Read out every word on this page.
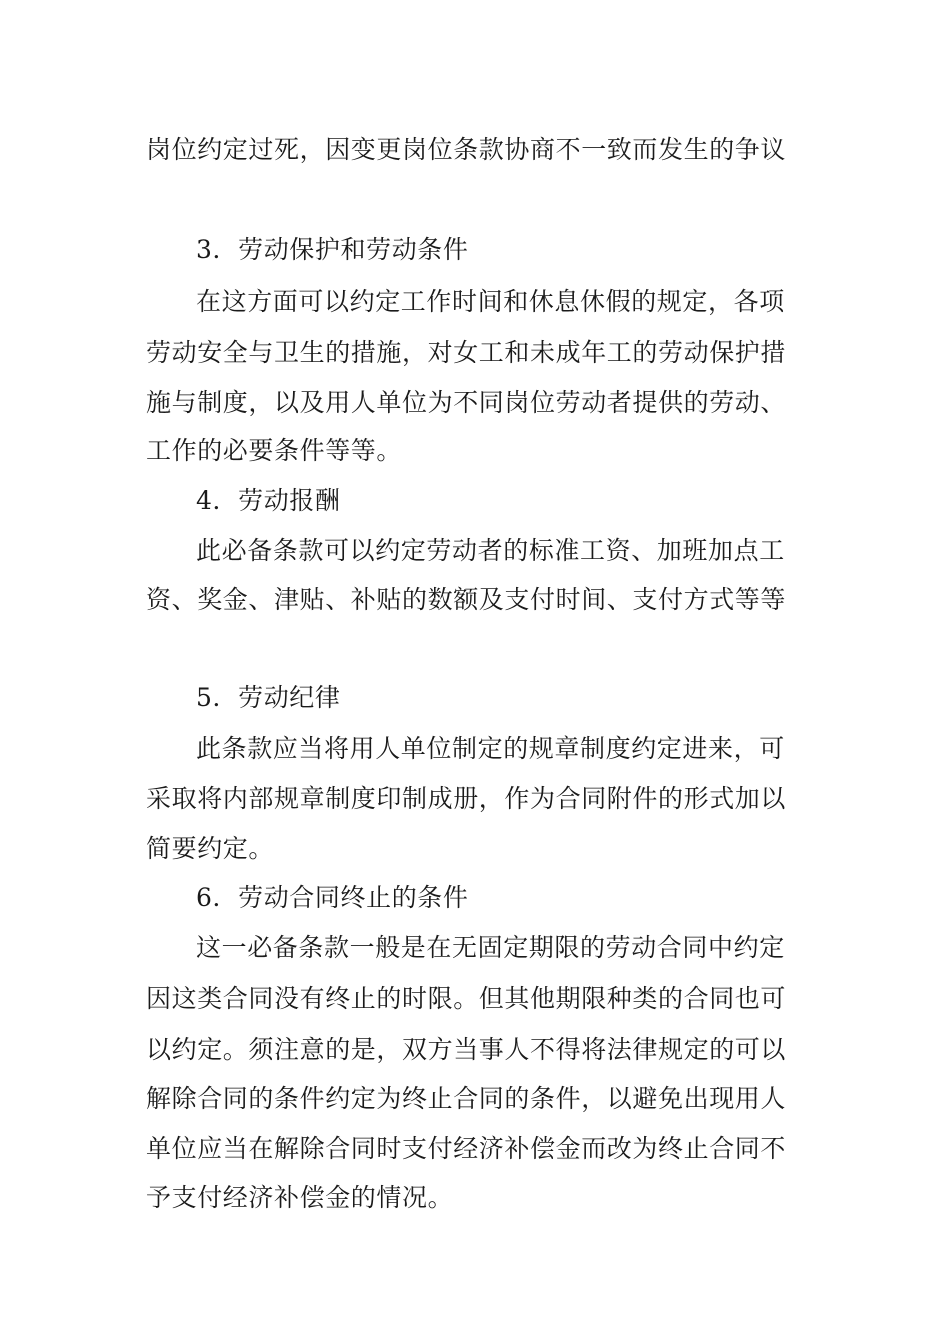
岗位约定过死，因变更岗位条款协商不一致而发生的争议
3．劳动保护和劳动条件
在这方面可以约定工作时间和休息休假的规定，各项
劳动安全与卫生的措施，对女工和未成年工的劳动保护措
施与制度，以及用人单位为不同岗位劳动者提供的劳动、
工作的必要条件等等。
4．劳动报酬
此必备条款可以约定劳动者的标准工资、加班加点工
资、奖金、津贴、补贴的数额及支付时间、支付方式等等
5．劳动纪律
此条款应当将用人单位制定的规章制度约定进来，可
采取将内部规章制度印制成册，作为合同附件的形式加以
简要约定。
6．劳动合同终止的条件
这一必备条款一般是在无固定期限的劳动合同中约定
因这类合同没有终止的时限。但其他期限种类的合同也可
以约定。须注意的是，双方当事人不得将法律规定的可以
解除合同的条件约定为终止合同的条件，以避免出现用人
单位应当在解除合同时支付经济补偿金而改为终止合同不
予支付经济补偿金的情况。
